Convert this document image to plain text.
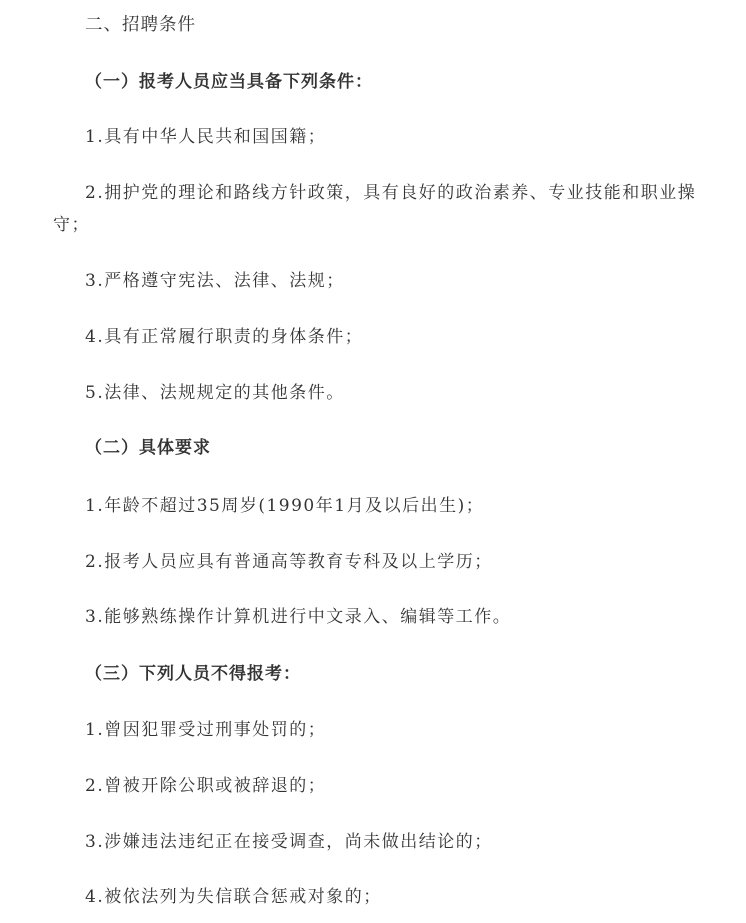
二、招聘条件
（一）报考人员应当具备下列条件：
1.具有中华人民共和国国籍；
2.拥护党的理论和路线方针政策，具有良好的政治素养、专业技能和职业操守；
3.严格遵守宪法、法律、法规；
4.具有正常履行职责的身体条件；
5.法律、法规规定的其他条件。
（二）具体要求
1.年龄不超过35周岁(1990年1月及以后出生)；
2.报考人员应具有普通高等教育专科及以上学历；
3.能够熟练操作计算机进行中文录入、编辑等工作。
（三）下列人员不得报考：
1.曾因犯罪受过刑事处罚的；
2.曾被开除公职或被辞退的；
3.涉嫌违法违纪正在接受调查，尚未做出结论的；
4.被依法列为失信联合惩戒对象的；
